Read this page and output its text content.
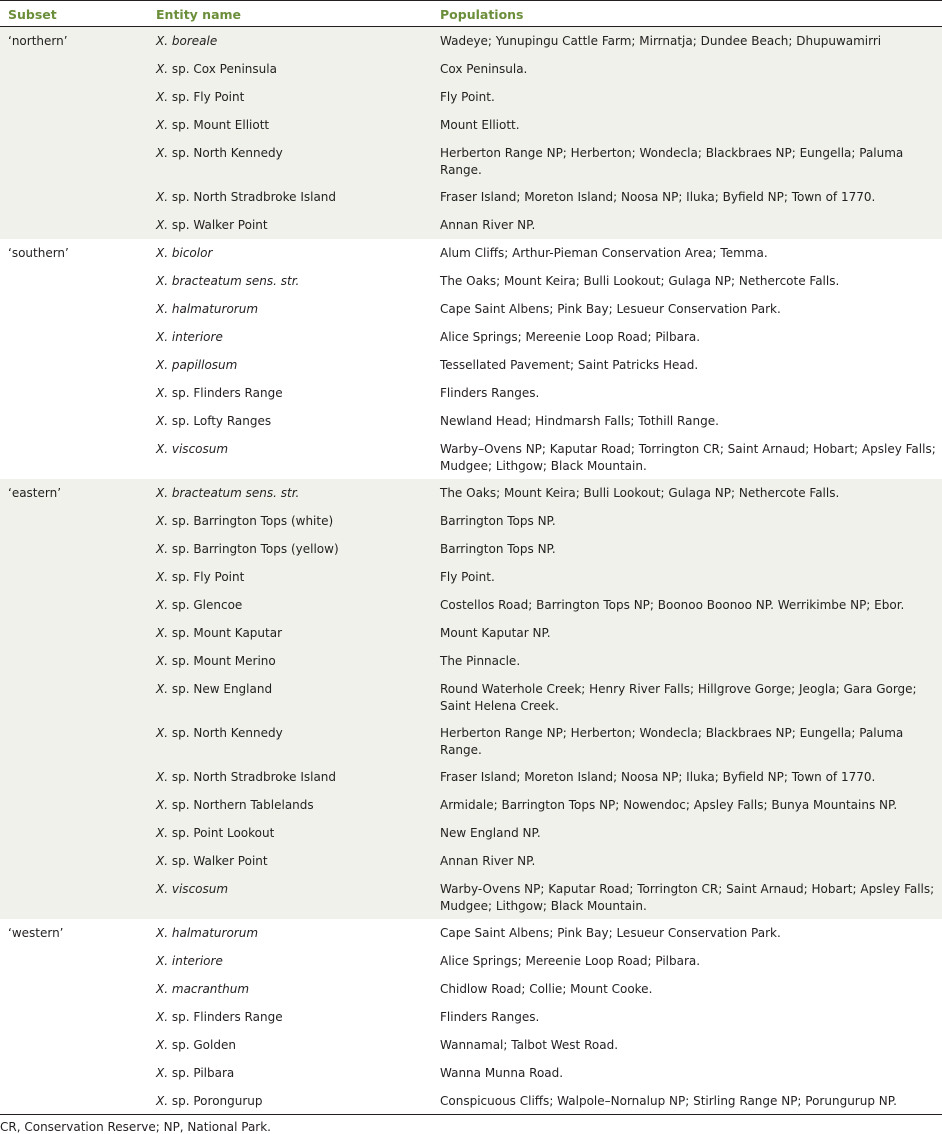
Subset	Entity name	Populations
‘northern’	X. boreale	Wadeye; Yunupingu Cattle Farm; Mirrnatja; Dundee Beach; Dhupuwamirri
	X. sp. Cox Peninsula	Cox Peninsula.
	X. sp. Fly Point	Fly Point.
	X. sp. Mount Elliott	Mount Elliott.
	X. sp. North Kennedy	Herberton Range NP; Herberton; Wondecla; Blackbraes NP; Eungella; Paluma Range.
	X. sp. North Stradbroke Island	Fraser Island; Moreton Island; Noosa NP; Iluka; Byfield NP; Town of 1770.
	X. sp. Walker Point	Annan River NP.
‘southern’	X. bicolor	Alum Cliffs; Arthur-Pieman Conservation Area; Temma.
	X. bracteatum sens. str.	The Oaks; Mount Keira; Bulli Lookout; Gulaga NP; Nethercote Falls.
	X. halmaturorum	Cape Saint Albens; Pink Bay; Lesueur Conservation Park.
	X. interiore	Alice Springs; Mereenie Loop Road; Pilbara.
	X. papillosum	Tessellated Pavement; Saint Patricks Head.
	X. sp. Flinders Range	Flinders Ranges.
	X. sp. Lofty Ranges	Newland Head; Hindmarsh Falls; Tothill Range.
	X. viscosum	Warby–Ovens NP; Kaputar Road; Torrington CR; Saint Arnaud; Hobart; Apsley Falls; Mudgee; Lithgow; Black Mountain.
‘eastern’	X. bracteatum sens. str.	The Oaks; Mount Keira; Bulli Lookout; Gulaga NP; Nethercote Falls.
	X. sp. Barrington Tops (white)	Barrington Tops NP.
	X. sp. Barrington Tops (yellow)	Barrington Tops NP.
	X. sp. Fly Point	Fly Point.
	X. sp. Glencoe	Costellos Road; Barrington Tops NP; Boonoo Boonoo NP. Werrikimbe NP; Ebor.
	X. sp. Mount Kaputar	Mount Kaputar NP.
	X. sp. Mount Merino	The Pinnacle.
	X. sp. New England	Round Waterhole Creek; Henry River Falls; Hillgrove Gorge; Jeogla; Gara Gorge; Saint Helena Creek.
	X. sp. North Kennedy	Herberton Range NP; Herberton; Wondecla; Blackbraes NP; Eungella; Paluma Range.
	X. sp. North Stradbroke Island	Fraser Island; Moreton Island; Noosa NP; Iluka; Byfield NP; Town of 1770.
	X. sp. Northern Tablelands	Armidale; Barrington Tops NP; Nowendoc; Apsley Falls; Bunya Mountains NP.
	X. sp. Point Lookout	New England NP.
	X. sp. Walker Point	Annan River NP.
	X. viscosum	Warby-Ovens NP; Kaputar Road; Torrington CR; Saint Arnaud; Hobart; Apsley Falls; Mudgee; Lithgow; Black Mountain.
‘western’	X. halmaturorum	Cape Saint Albens; Pink Bay; Lesueur Conservation Park.
	X. interiore	Alice Springs; Mereenie Loop Road; Pilbara.
	X. macranthum	Chidlow Road; Collie; Mount Cooke.
	X. sp. Flinders Range	Flinders Ranges.
	X. sp. Golden	Wannamal; Talbot West Road.
	X. sp. Pilbara	Wanna Munna Road.
	X. sp. Porongurup	Conspicuous Cliffs; Walpole–Nornalup NP; Stirling Range NP; Porungurup NP.

CR, Conservation Reserve; NP, National Park.
